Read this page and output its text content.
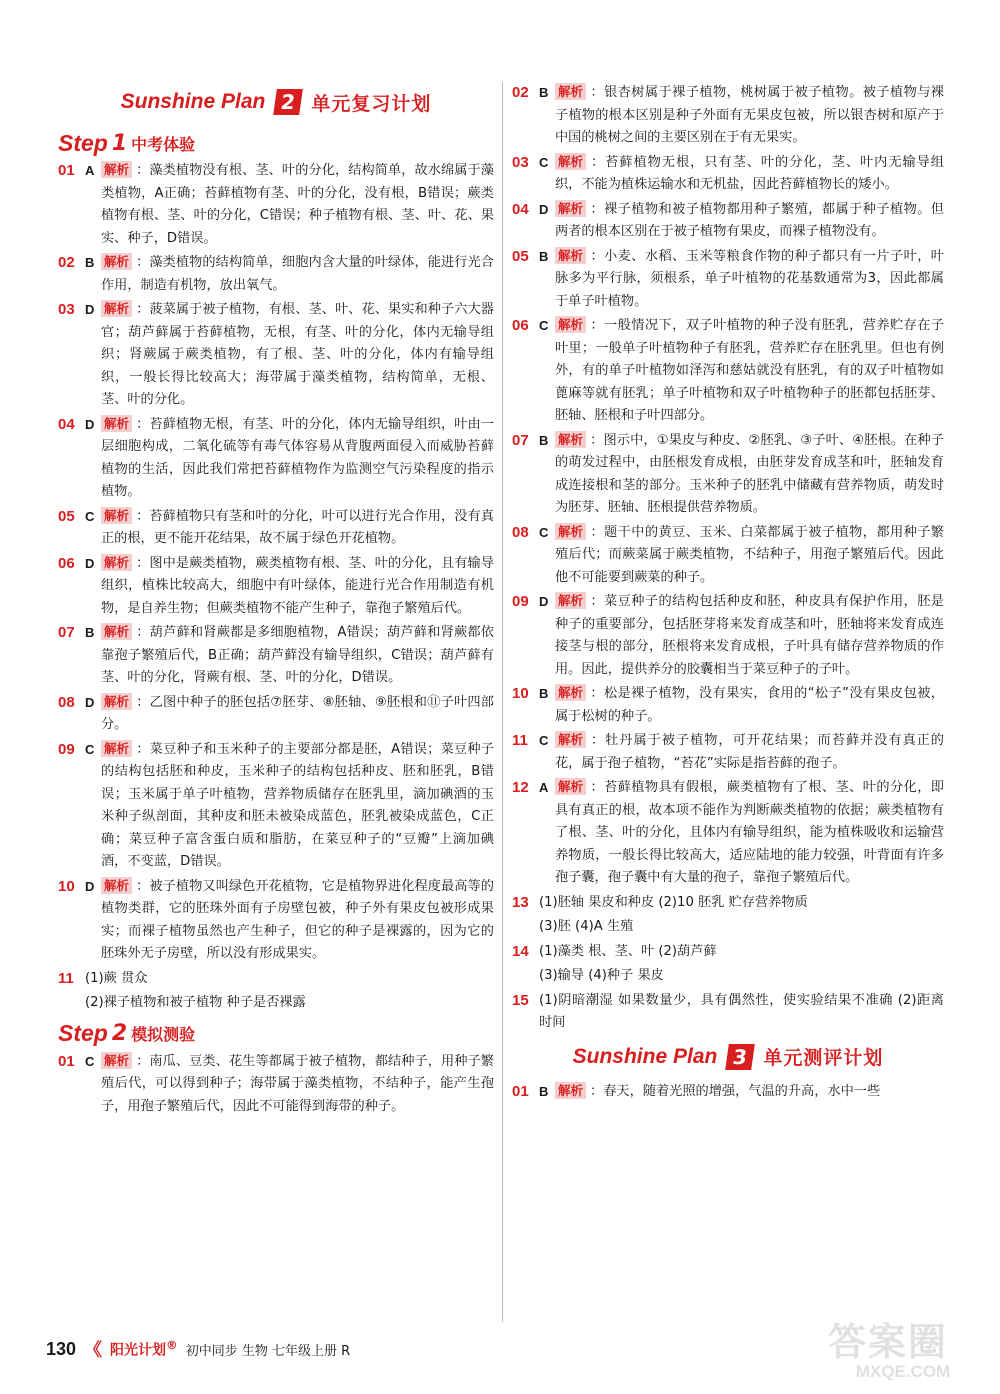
Sunshine Plan 2 单元复习计划
Step 1 中考体验
01 A 解析 ：藻类植物没有根、茎、叶的分化，结构简单，故水绵属于藻类植物，A正确；苔藓植物有茎、叶的分化，没有根，B错误；蕨类植物有根、茎、叶的分化，C错误；种子植物有根、茎、叶、花、果实、种子，D错误。
02 B 解析 ：藻类植物的结构简单，细胞内含大量的叶绿体，能进行光合作用，制造有机物，放出氧气。
03 D 解析 ：菠菜属于被子植物，有根、茎、叶、花、果实和种子六大器官；葫芦藓属于苔藓植物，无根，有茎、叶的分化，体内无输导组织；肾蕨属于蕨类植物，有了根、茎、叶的分化，体内有输导组织，一般长得比较高大；海带属于藻类植物，结构简单，无根、茎、叶的分化。
04 D 解析 ：苔藓植物无根，有茎、叶的分化，体内无输导组织，叶由一层细胞构成，二氧化硫等有毒气体容易从背腹两面侵入而威胁苔藓植物的生活，因此我们常把苔藓植物作为监测空气污染程度的指示植物。
05 C 解析 ：苔藓植物只有茎和叶的分化，叶可以进行光合作用，没有真正的根，更不能开花结果，故不属于绿色开花植物。
06 D 解析 ：图中是蕨类植物，蕨类植物有根、茎、叶的分化，且有输导组织，植株比较高大，细胞中有叶绿体，能进行光合作用制造有机物，是自养生物；但蕨类植物不能产生种子，靠孢子繁殖后代。
07 B 解析 ：葫芦藓和肾蕨都是多细胞植物，A错误；葫芦藓和肾蕨都依靠孢子繁殖后代，B正确；葫芦藓没有输导组织，C错误；葫芦藓有茎、叶的分化，肾蕨有根、茎、叶的分化，D错误。
08 D 解析 ：乙图中种子的胚包括⑦胚芽、⑧胚轴、⑨胚根和⑪子叶四部分。
09 C 解析 ：菜豆种子和玉米种子的主要部分都是胚，A错误；菜豆种子的结构包括胚和种皮，玉米种子的结构包括种皮、胚和胚乳，B错误；玉米属于单子叶植物，营养物质储存在胚乳里，滴加碘酒的玉米种子纵剖面，其种皮和胚未被染成蓝色，胚乳被染成蓝色，C正确；菜豆种子富含蛋白质和脂肪，在菜豆种子的“豆瓣”上滴加碘酒，不变蓝，D错误。
10 D 解析 ：被子植物又叫绿色开花植物，它是植物界进化程度最高等的植物类群，它的胚珠外面有子房壁包被，种子外有果皮包被形成果实；而裸子植物虽然也产生种子，但它的种子是裸露的，因为它的胚珠外无子房壁，所以没有形成果实。
11 (1)蕨 贯众
(2)裸子植物和被子植物 种子是否裸露
Step 2 模拟测验
01 C 解析 ：南瓜、豆类、花生等都属于被子植物，都结种子，用种子繁殖后代，可以得到种子；海带属于藻类植物，不结种子，能产生孢子，用孢子繁殖后代，因此不可能得到海带的种子。
02 B 解析 ：银杏树属于裸子植物，桃树属于被子植物。被子植物与裸子植物的根本区别是种子外面有无果皮包被，所以银杏树和原产于中国的桃树之间的主要区别在于有无果实。
03 C 解析 ：苔藓植物无根，只有茎、叶的分化，茎、叶内无输导组织，不能为植株运输水和无机盐，因此苔藓植物长的矮小。
04 D 解析 ：裸子植物和被子植物都用种子繁殖，都属于种子植物。但两者的根本区别在于被子植物有果皮，而裸子植物没有。
05 B 解析 ：小麦、水稻、玉米等粮食作物的种子都只有一片子叶，叶脉多为平行脉，须根系，单子叶植物的花基数通常为3，因此都属于单子叶植物。
06 C 解析 ：一般情况下，双子叶植物的种子没有胚乳，营养贮存在子叶里；一般单子叶植物种子有胚乳，营养贮存在胚乳里。但也有例外，有的单子叶植物如泽泻和慈姑就没有胚乳，有的双子叶植物如蓖麻等就有胚乳；单子叶植物和双子叶植物种子的胚都包括胚芽、胚轴、胚根和子叶四部分。
07 B 解析 ：图示中，①果皮与种皮、②胚乳、③子叶、④胚根。在种子的萌发过程中，由胚根发育成根，由胚芽发育成茎和叶，胚轴发育成连接根和茎的部分。玉米种子的胚乳中储藏有营养物质，萌发时为胚芽、胚轴、胚根提供营养物质。
08 C 解析 ：题干中的黄豆、玉米、白菜都属于被子植物，都用种子繁殖后代；而蕨菜属于蕨类植物，不结种子，用孢子繁殖后代。因此他不可能要到蕨菜的种子。
09 D 解析 ：菜豆种子的结构包括种皮和胚，种皮具有保护作用，胚是种子的重要部分，包括胚芽将来发育成茎和叶，胚轴将来发育成连接茎与根的部分，胚根将来发育成根，子叶具有储存营养物质的作用。因此，提供养分的胶囊相当于菜豆种子的子叶。
10 B 解析 ：松是裸子植物，没有果实，食用的“松子”没有果皮包被，属于松树的种子。
11 C 解析 ：牡丹属于被子植物，可开花结果；而苔藓并没有真正的花，属于孢子植物，“苔花”实际是指苔藓的孢子。
12 A 解析 ：苔藓植物具有假根，蕨类植物有了根、茎、叶的分化，即具有真正的根，故本项不能作为判断蕨类植物的依据；蕨类植物有了根、茎、叶的分化，且体内有输导组织，能为植株吸收和运输营养物质，一般长得比较高大，适应陆地的能力较强，叶背面有许多孢子囊，孢子囊中有大量的孢子，靠孢子繁殖后代。
13 (1)胚轴 果皮和种皮 (2)10 胚乳 贮存营养物质
(3)胚 (4)A 生殖
14 (1)藻类 根、茎、叶 (2)葫芦藓
(3)输导 (4)种子 果皮
15 (1)阴暗潮湿 如果数量少，具有偶然性，使实验结果不准确 (2)距离 时间
Sunshine Plan 3 单元测评计划
01 B 解析 ：春天，随着光照的增强，气温的升高，水中一些
130 《 阳光计划® 初中同步 生物 七年级上册 R	答案圈
MXQE.COM
